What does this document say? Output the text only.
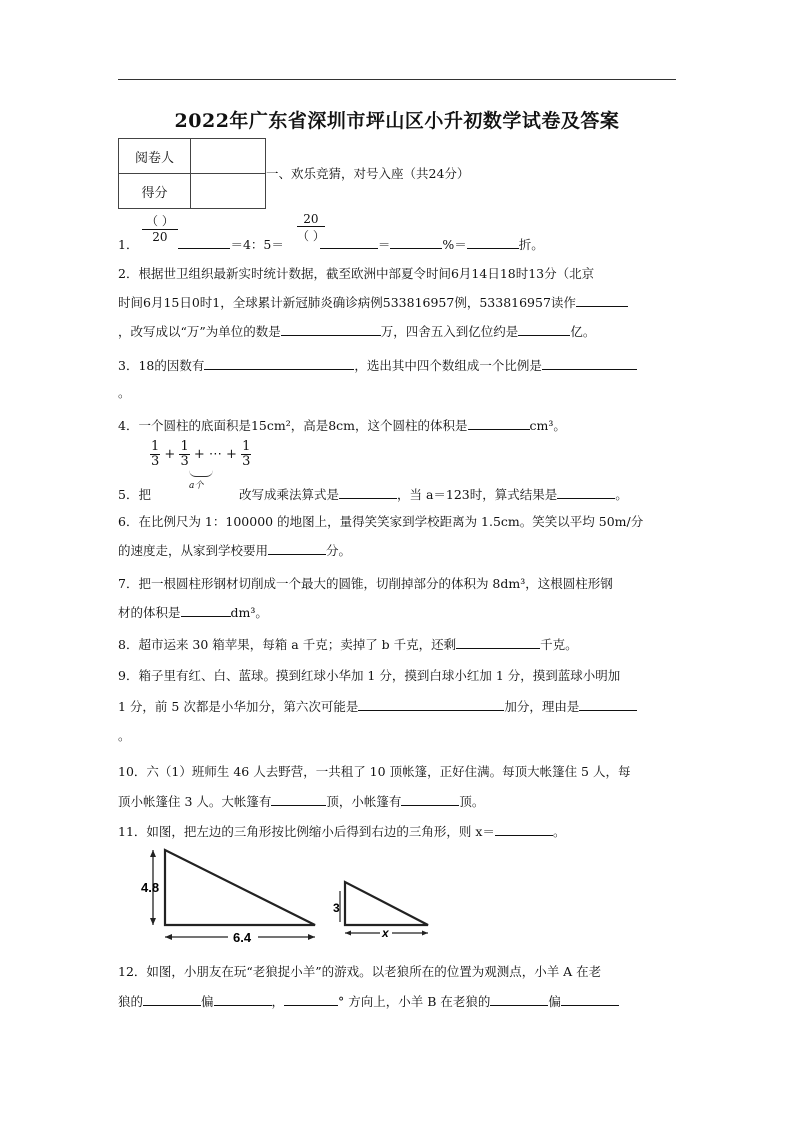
2022年广东省深圳市坪山区小升初数学试卷及答案
阅卷人	
得分	
一、欢乐竞猜，对号入座（共24分）
（ ）
20
20
（ ）
1．	＝4：5＝	＝	%＝	折。
2．根据世卫组织最新实时统计数据，截至欧洲中部夏令时间6月14日18时13分（北京
时间6月15日0时1，全球累计新冠肺炎确诊病例533816957例，533816957读作
，改写成以“万”为单位的数是	万，四舍五入到亿位约是	亿。
3．18的因数有	，选出其中四个数组成一个比例是
。
4．一个圆柱的底面积是15cm²，高是8cm，这个圆柱的体积是	cm³。
$\frac{1}{3} + \frac{1}{3}$ + ⋯ + $\frac{1}{3}$
a个
5．把	改写成乘法算式是	，当 a＝123时，算式结果是	。
6．在比例尺为 1：100000 的地图上，量得笑笑家到学校距离为 1.5cm。笑笑以平均 50m/分
的速度走，从家到学校要用	分。
7．把一根圆柱形钢材切削成一个最大的圆锥，切削掉部分的体积为 8dm³，这根圆柱形钢
材的体积是	dm³。
8．超市运来 30 箱苹果，每箱 a 千克；卖掉了 b 千克，还剩	千克。
9．箱子里有红、白、蓝球。摸到红球小华加 1 分，摸到白球小红加 1 分，摸到蓝球小明加
1 分，前 5 次都是小华加分，第六次可能是	加分，理由是
。
10．六（1）班师生 46 人去野营，一共租了 10 顶帐篷，正好住满。每顶大帐篷住 5 人，每
顶小帐篷住 3 人。大帐篷有	顶，小帐篷有	顶。
11．如图，把左边的三角形按比例缩小后得到右边的三角形，则 x＝	。
4.8
6.4
3
x
12．如图，小朋友在玩“老狼捉小羊”的游戏。以老狼所在的位置为观测点，小羊 A 在老
狼的	偏	，	° 方向上，小羊 B 在老狼的	偏
